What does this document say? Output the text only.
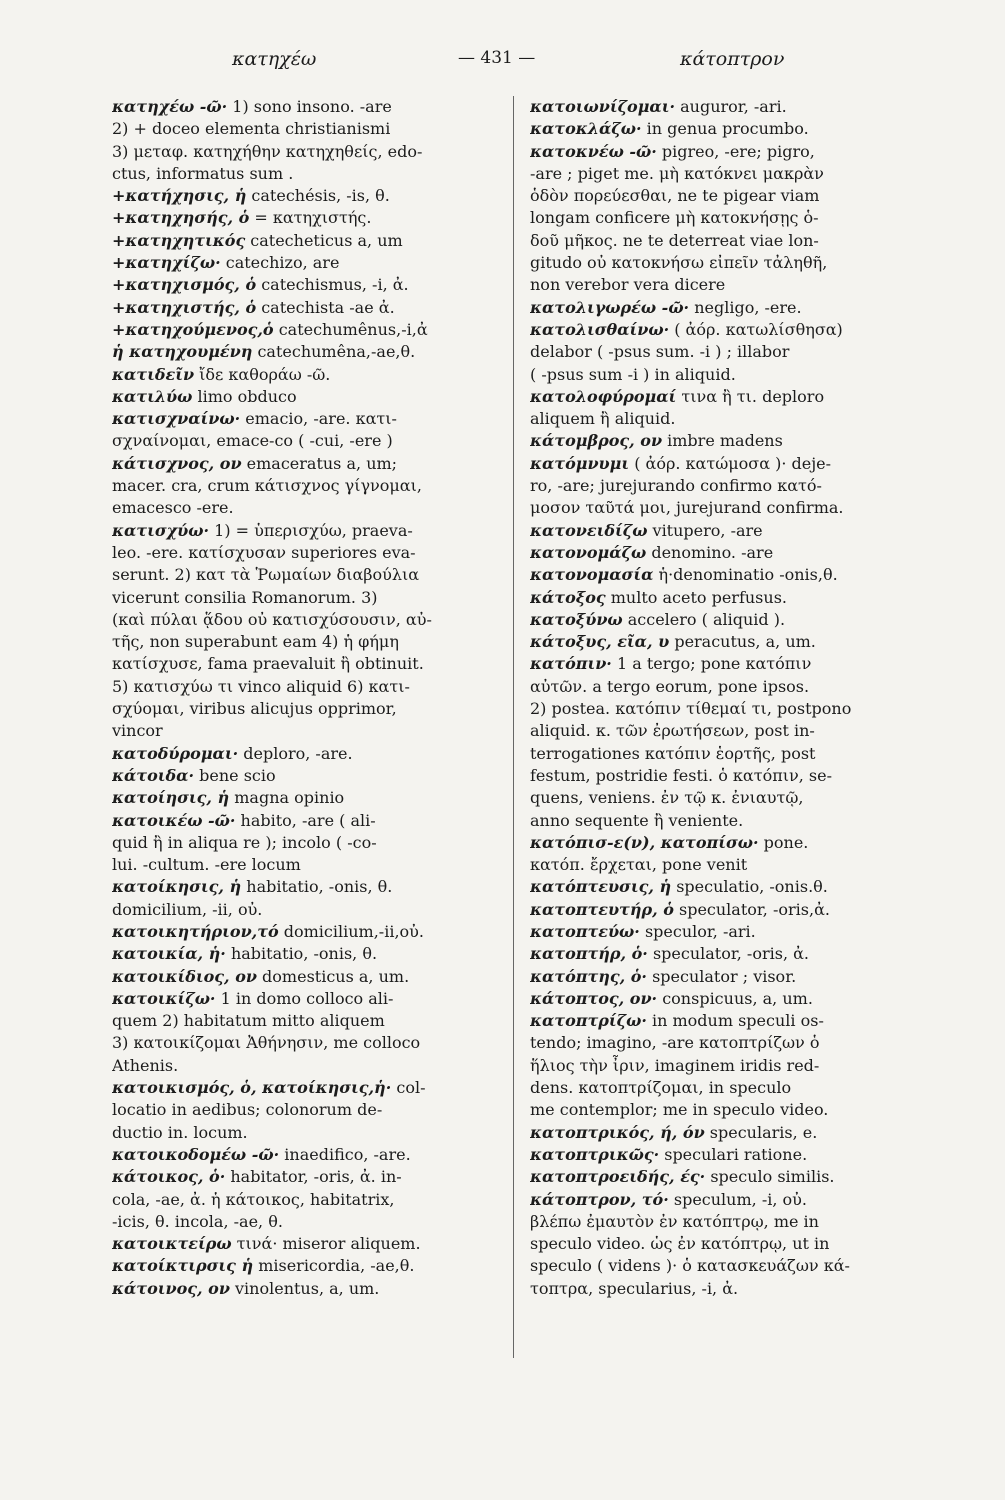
κατηχέω	— 431 —	κάτοπτρον
κατηχέω -ῶ· 1) sono insono. -are
2) + doceo elementa christianismi
3) μεταφ. κατηχήθην κατηχηθείς, edo-
ctus, informatus sum .
+κατήχησις, ἡ catechésis, -is, θ.
+κατηχησής, ὁ = κατηχιστής.
+κατηχητικός catecheticus a, um
+κατηχίζω· catechizo, are
+κατηχισμός, ὁ catechismus, -i, ἀ.
+κατηχιστής, ὁ catechista -ae ἀ.
+κατηχούμενος,ὁ catechumênus,-i,ἀ
ἡ κατηχουμένη catechumêna,-ae,θ.
κατιδεῖν ἴδε καθοράω -ῶ.
κατιλύω limo obduco
κατισχναίνω· emacio, -are. κατι-
σχναίνομαι, emace-co ( -cui, -ere )
κάτισχνος, ον emaceratus a, um;
macer. cra, crum κάτισχνος γίγνομαι,
emacesco -ere.
κατισχύω· 1) = ὑπερισχύω, praeva-
leo. -ere. κατίσχυσαν superiores eva-
serunt. 2) κατ τὰ Ῥωμαίων διαβούλια
vicerunt consilia Romanorum. 3)
(καὶ πύλαι ᾅδου οὐ κατισχύσουσιν, αὐ-
τῆς, non superabunt eam 4) ἡ φήμη
κατίσχυσε, fama praevaluit ἢ obtinuit.
5) κατισχύω τι vinco aliquid 6) κατι-
σχύομαι, viribus alicujus opprimor,
vincor
κατοδύρομαι· deploro, -are.
κάτοιδα· bene scio
κατοίησις, ἡ magna opinio
κατοικέω -ῶ· habito, -are ( ali-
quid ἢ in aliqua re ); incolo ( -co-
lui. -cultum. -ere locum
κατοίκησις, ἡ habitatio, -onis, θ.
domicilium, -ii, οὐ.
κατοικητήριον,τό domicilium,-ii,οὐ.
κατοικία, ἡ· habitatio, -onis, θ.
κατοικίδιος, ον domesticus a, um.
κατοικίζω· 1 in domo colloco ali-
quem 2) habitatum mitto aliquem
3) κατοικίζομαι Ἀθήνησιν, me colloco
Athenis.
κατοικισμός, ὁ, κατοίκησις,ἡ· col-
locatio in aedibus; colonorum de-
ductio in. locum.
κατοικοδομέω -ῶ· inaedifico, -are.
κάτοικος, ὁ· habitator, -oris, ἀ. in-
cola, -ae, ἀ. ἡ κάτοικος, habitatrix,
-icis, θ. incola, -ae, θ.
κατοικτείρω τινά· miseror aliquem.
κατοίκτιρσις ἡ misericordia, -ae,θ.
κάτοινος, ον vinolentus, a, um.
κατοιωνίζομαι· auguror, -ari.
κατοκλάζω· in genua procumbo.
κατοκνέω -ῶ· pigreo, -ere; pigro,
-are ; piget me. μὴ κατόκνει μακρὰν
ὁδὸν πορεύεσθαι, ne te pigear viam
longam conficere μὴ κατοκνήσῃς ὁ-
δοῦ μῆκος. ne te deterreat viae lon-
gitudo οὐ κατοκνήσω εἰπεῖν τἀληθῆ,
non verebor vera dicere
κατολιγωρέω -ῶ· negligo, -ere.
κατολισθαίνω· ( ἀόρ. κατωλίσθησα)
delabor ( -psus sum. -i ) ; illabor
( -psus sum -i ) in aliquid.
κατολοφύρομαί τινα ἢ τι. deploro
aliquem ἢ aliquid.
κάτομβρος, ον imbre madens
κατόμνυμι ( ἀόρ. κατώμοσα )· deje-
ro, -are; jurejurando confirmo κατό-
μοσον ταῦτά μοι, jurejurand confirma.
κατονειδίζω vitupero, -are
κατονομάζω denomino. -are
κατονομασία ἡ·denominatio -onis,θ.
κάτοξος multo aceto perfusus.
κατοξύνω accelero ( aliquid ).
κάτοξυς, εῖα, υ peracutus, a, um.
κατόπιν· 1 a tergo; pone κατόπιν
αὐτῶν. a tergo eorum, pone ipsos.
2) postea. κατόπιν τίθεμαί τι, postpono
aliquid. κ. τῶν ἐρωτήσεων, post in-
terrogationes κατόπιν ἑορτῆς, post
festum, postridie festi. ὁ κατόπιν, se-
quens, veniens. ἐν τῷ κ. ἐνιαυτῷ,
anno sequente ἢ veniente.
κατόπισ-ε(ν), κατοπίσω· pone.
κατόπ. ἔρχεται, pone venit
κατόπτευσις, ἡ speculatio, -onis.θ.
κατοπτευτήρ, ὁ speculator, -oris,ἀ.
κατοπτεύω· speculor, -ari.
κατοπτήρ, ὁ· speculator, -oris, ἀ.
κατόπτης, ὁ· speculator ; visor.
κάτοπτος, ον· conspicuus, a, um.
κατοπτρίζω· in modum speculi os-
tendo; imagino, -are κατοπτρίζων ὁ
ἥλιος τὴν ἶριν, imaginem iridis red-
dens. κατοπτρίζομαι, in speculo
me contemplor; me in speculo video.
κατοπτρικός, ή, όν specularis, e.
κατοπτρικῶς· speculari ratione.
κατοπτροειδής, ές· speculo similis.
κάτοπτρον, τό· speculum, -i, οὐ.
βλέπω ἐμαυτὸν ἐν κατόπτρῳ, me in
speculo video. ὡς ἐν κατόπτρῳ, ut in
speculo ( videns )· ὁ κατασκευάζων κά-
τοπτρα, specularius, -i, ἀ.
